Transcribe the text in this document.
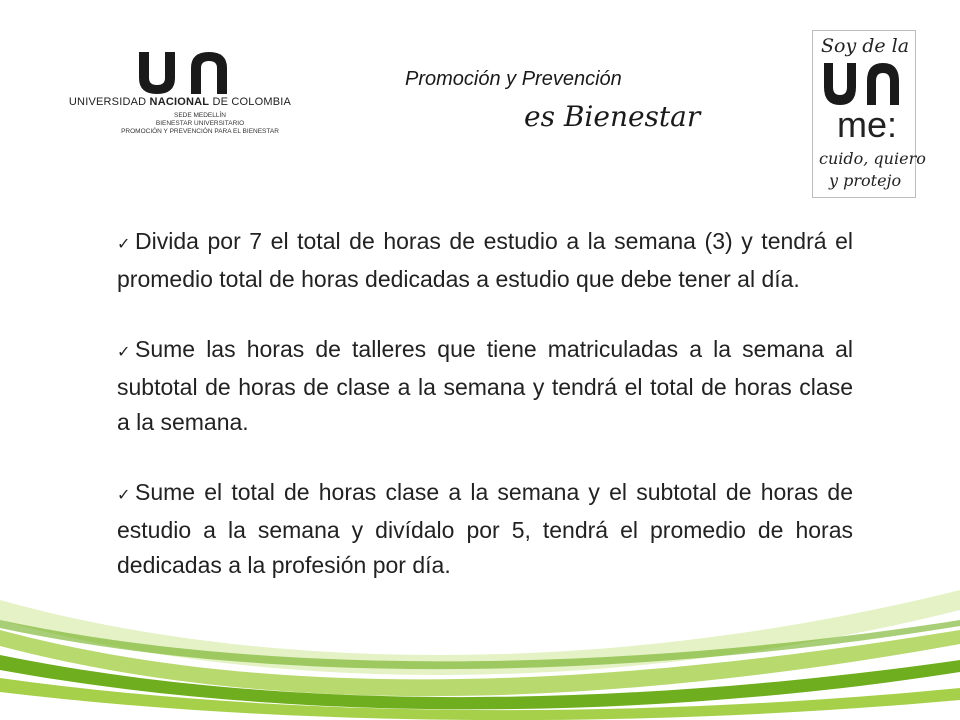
UNIVERSIDAD NACIONAL DE COLOMBIA
SEDE MEDELLÍN
BIENESTAR UNIVERSITARIO
PROMOCIÓN Y PREVENCIÓN PARA EL BIENESTAR
Promoción y Prevención
es Bienestar
Soy de la
me:
cuido, quiero
y protejo

✓ Divida por 7 el total de horas de estudio a la semana (3) y tendrá el promedio total de horas dedicadas a estudio que debe tener al día.

✓ Sume las horas de talleres que tiene matriculadas a la semana al subtotal de horas de clase a la semana y tendrá el total de horas clase a la semana.

✓ Sume el total de horas clase a la semana y el subtotal de horas de estudio a la semana y divídalo por 5, tendrá el promedio de horas dedicadas a la profesión por día.
